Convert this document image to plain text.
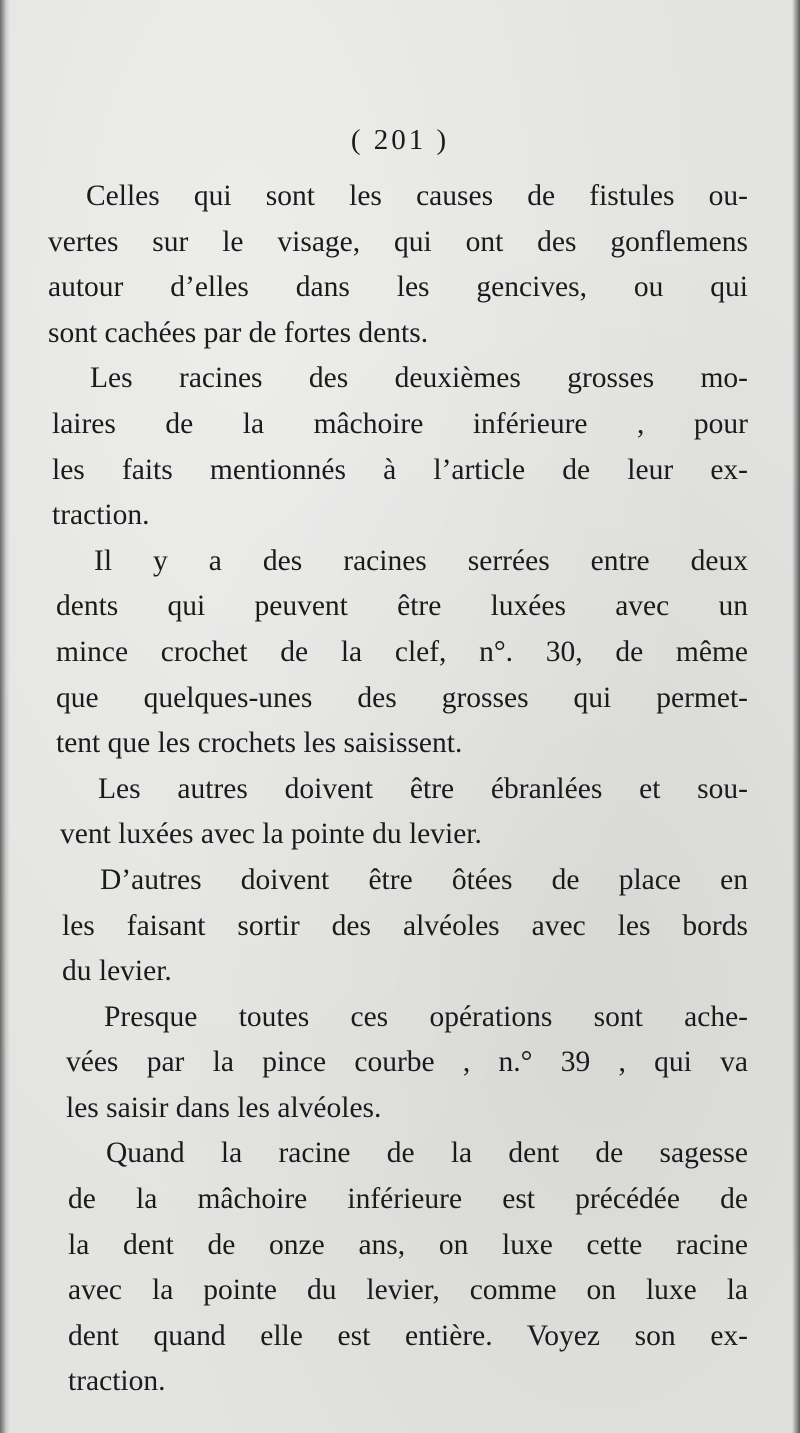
( 201 )
Celles qui sont les causes de fistules ou-
vertes sur le visage, qui ont des gonflemens
autour d’elles dans les gencives, ou qui
sont cachées par de fortes dents.
Les racines des deuxièmes grosses mo-
laires de la mâchoire inférieure , pour
les faits mentionnés à l’article de leur ex-
traction.
Il y a des racines serrées entre deux
dents qui peuvent être luxées avec un
mince crochet de la clef, n°. 30, de même
que quelques-unes des grosses qui permet-
tent que les crochets les saisissent.
Les autres doivent être ébranlées et sou-
vent luxées avec la pointe du levier.
D’autres doivent être ôtées de place en
les faisant sortir des alvéoles avec les bords
du levier.
Presque toutes ces opérations sont ache-
vées par la pince courbe , n.° 39 , qui va
les saisir dans les alvéoles.
Quand la racine de la dent de sagesse
de la mâchoire inférieure est précédée de
la dent de onze ans, on luxe cette racine
avec la pointe du levier, comme on luxe la
dent quand elle est entière. Voyez son ex-
traction.
